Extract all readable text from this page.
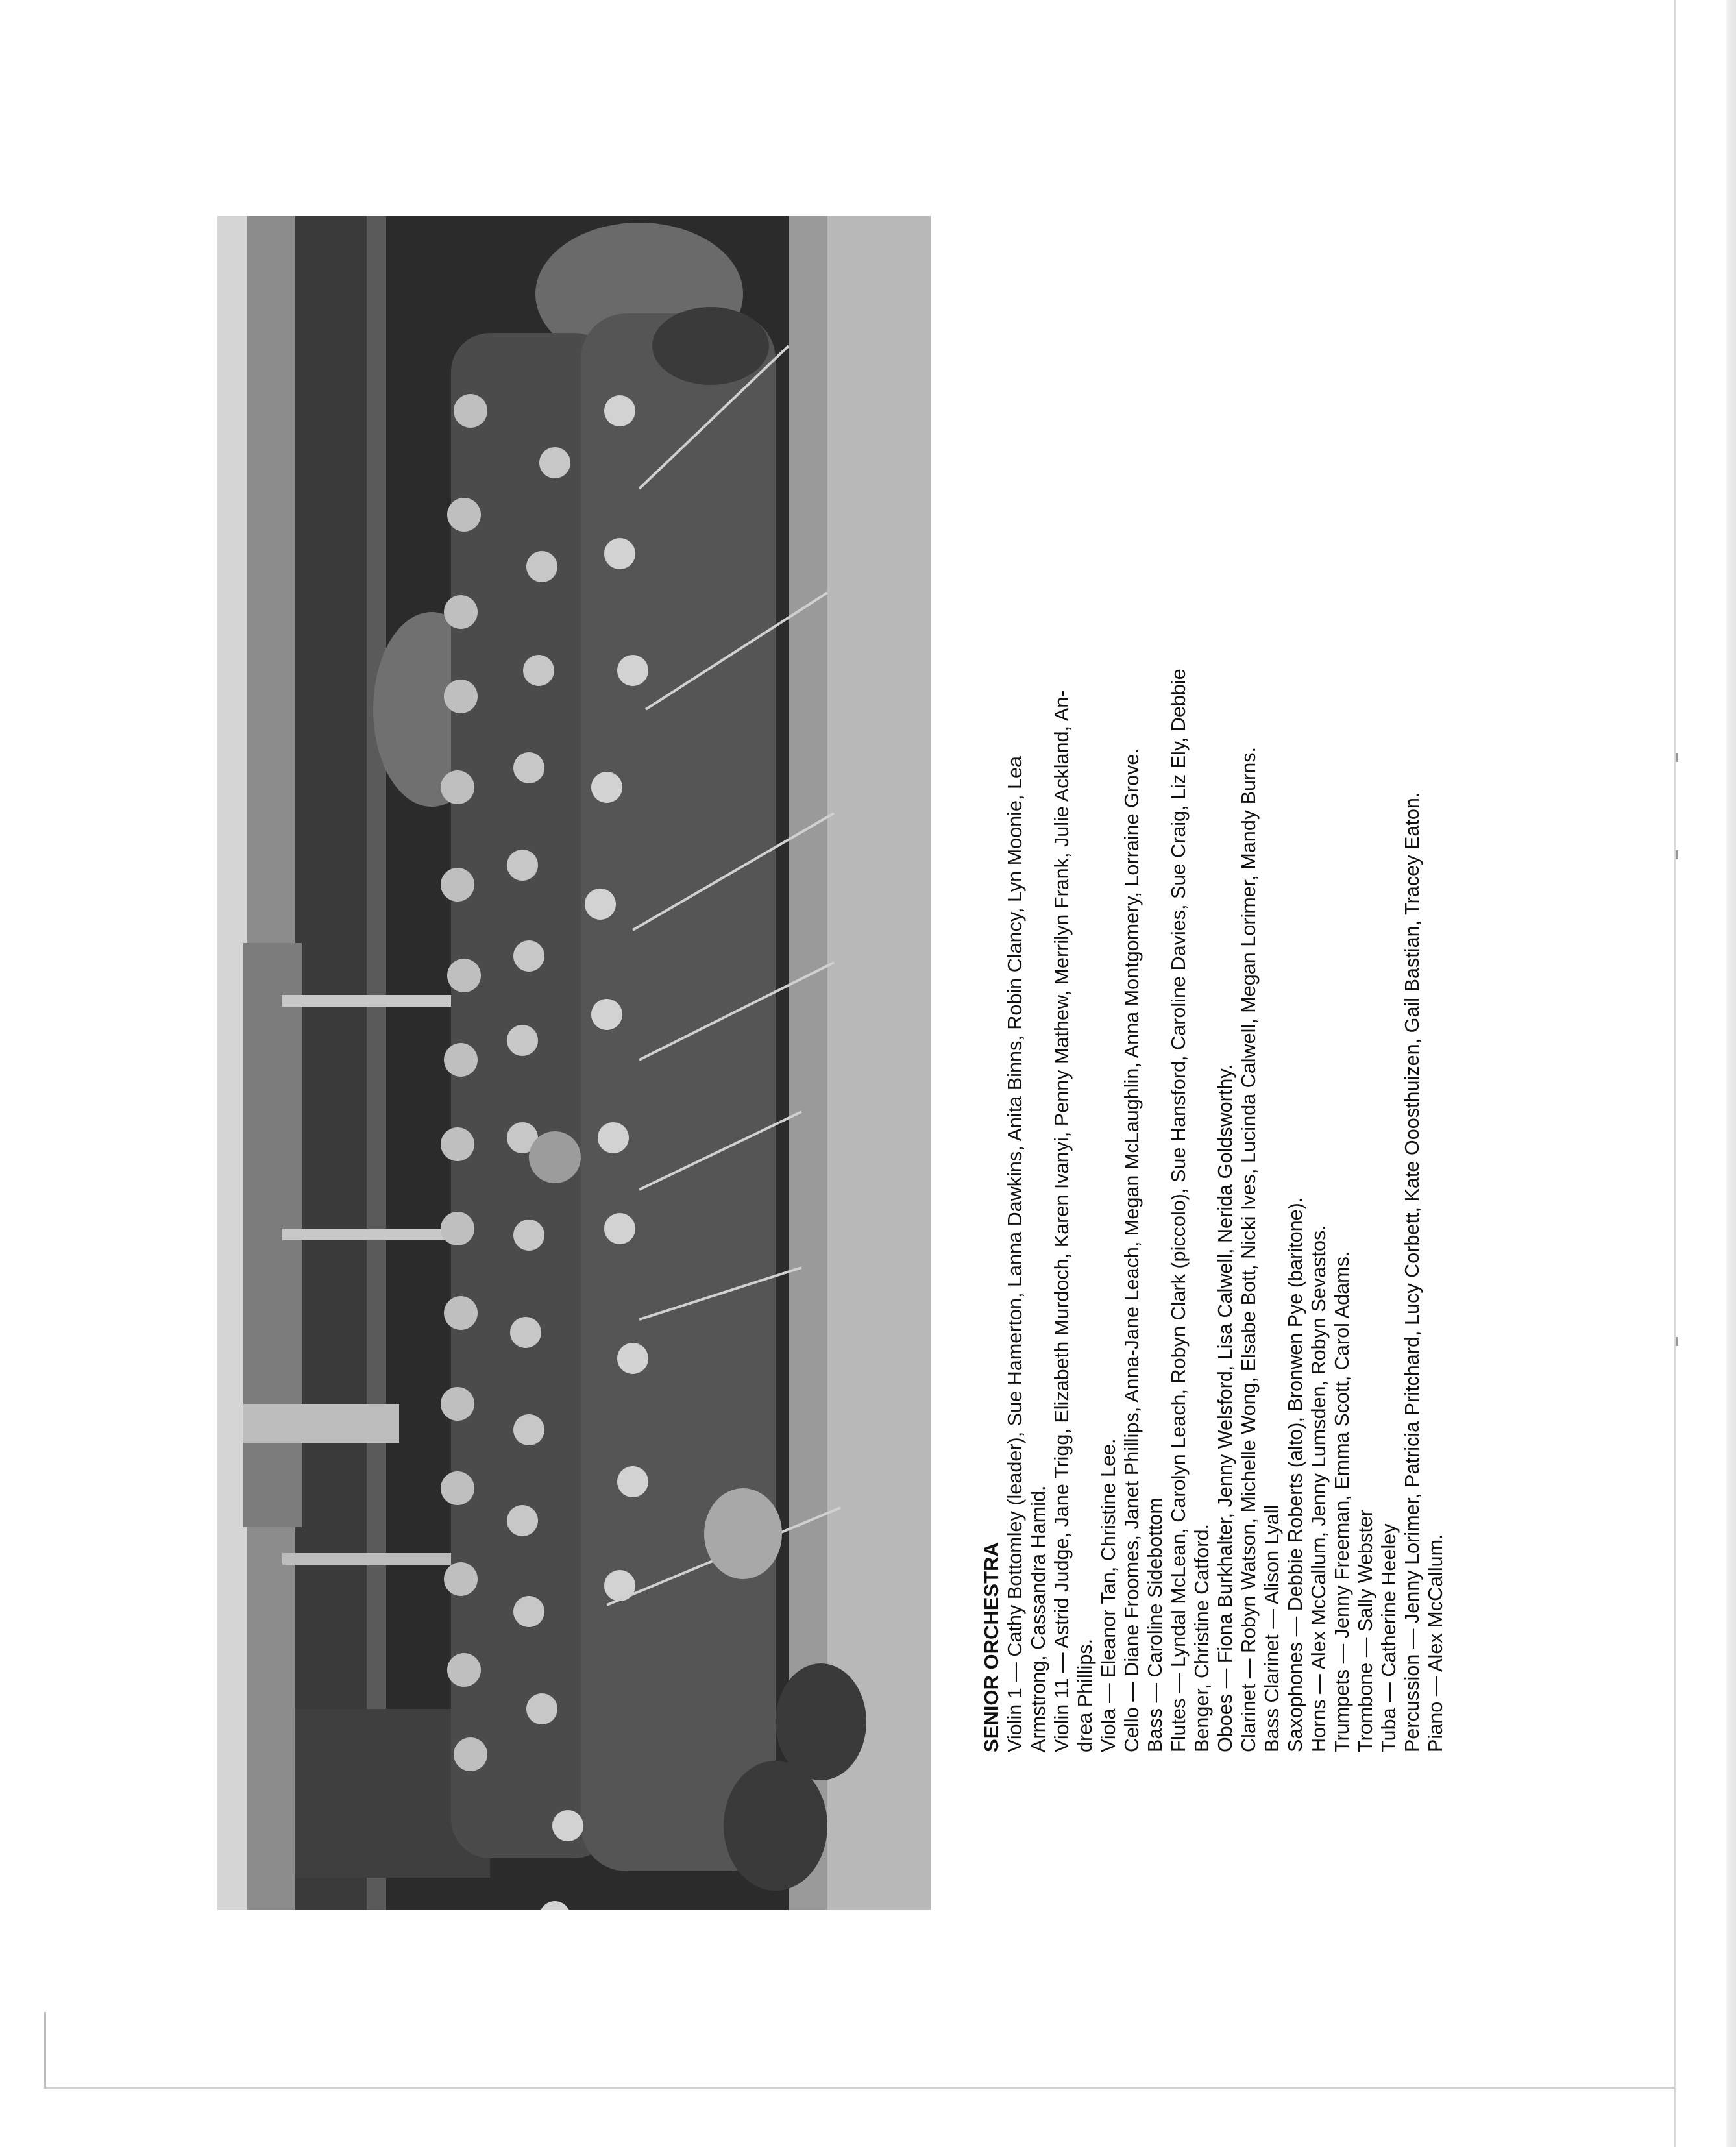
SENIOR ORCHESTRA Violin 1 — Cathy Bottomley (leader), Sue Hamerton, Lanna Dawkins, Anita Binns, Robin Clancy, Lyn Moonie, Lea Armstrong, Cassandra Hamid. Violin 11 — Astrid Judge, Jane Trigg, Elizabeth Murdoch, Karen Ivanyi, Penny Mathew, Merrilyn Frank, Julie Ackland, An- drea Phillips. Viola — Eleanor Tan, Christine Lee. Cello — Diane Froomes, Janet Phillips, Anna-Jane Leach, Megan McLaughlin, Anna Montgomery, Lorraine Grove. Bass — Caroline Sidebottom Flutes — Lyndal McLean, Carolyn Leach, Robyn Clark (piccolo), Sue Hansford, Caroline Davies, Sue Craig, Liz Ely, Debbie Benger, Christine Catford. Oboes — Fiona Burkhalter, Jenny Welsford, Lisa Calwell, Nerida Goldsworthy. Clarinet — Robyn Watson, Michelle Wong, Elsabe Bott, Nicki Ives, Lucinda Calwell, Megan Lorimer, Mandy Burns. Bass Clarinet — Alison Lyall Saxophones — Debbie Roberts (alto), Bronwen Pye (baritone). Horns — Alex McCallum, Jenny Lumsden, Robyn Sevastos. Trumpets — Jenny Freeman, Emma Scott, Carol Adams. Trombone — Sally Webster Tuba — Catherine Heeley Percussion — Jenny Lorimer, Patricia Pritchard, Lucy Corbett, Kate Ooosthuizen, Gail Bastian, Tracey Eaton. Piano — Alex McCallum.
